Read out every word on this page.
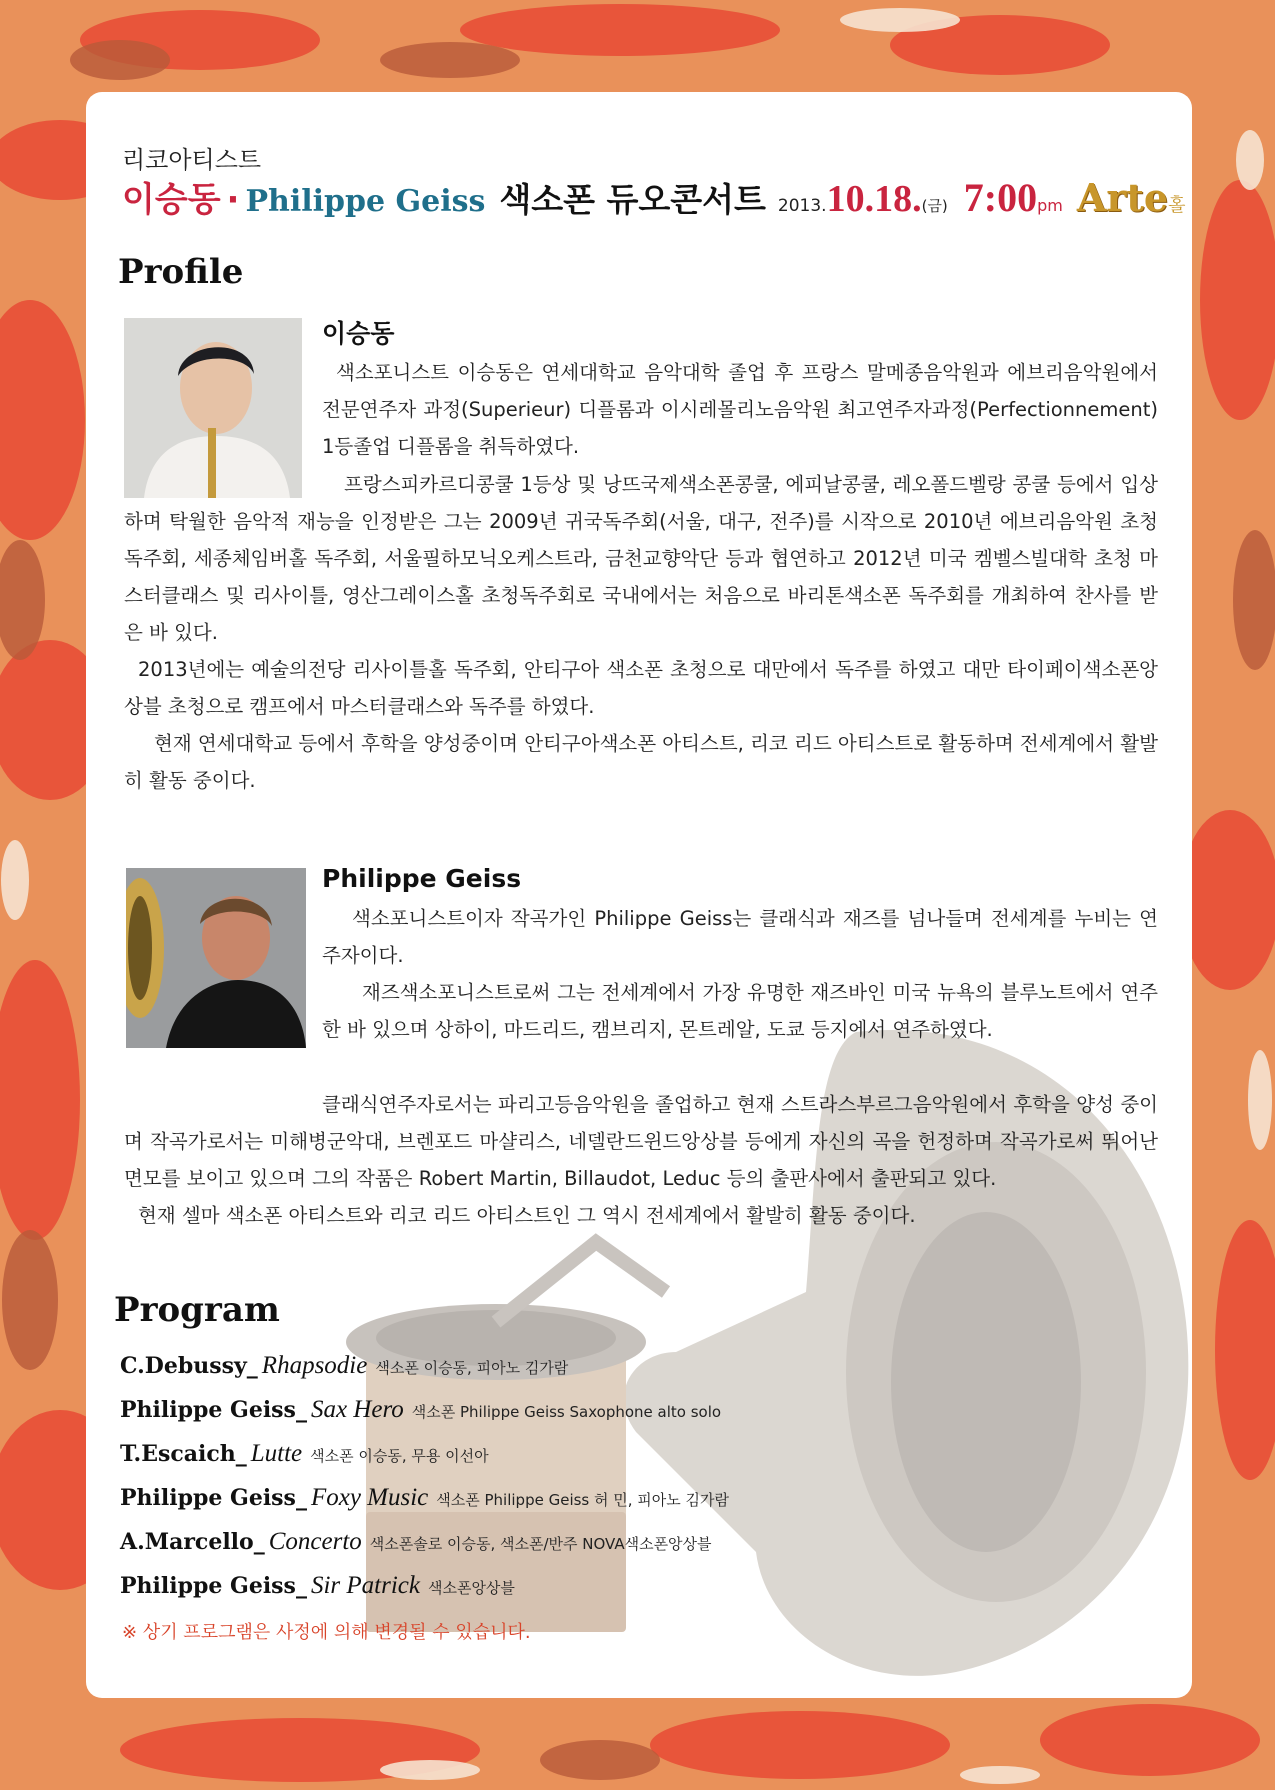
리코아티스트
이승동 · Philippe Geiss 색소폰 듀오콘서트 2013.10.18.(금) 7:00pm Arte홀
Profile
이승동

색소포니스트 이승동은 연세대학교 음악대학 졸업 후 프랑스 말메종음악원과 에브리음악원에서 전문연주자 과정(Superieur) 디플롬과 이시레몰리노음악원 최고연주자과정(Perfectionnement) 1등졸업 디플롬을 취득하였다.

프랑스피카르디콩쿨 1등상 및 낭뜨국제색소폰콩쿨, 에피날콩쿨, 레오폴드벨랑 콩쿨 등에서 입상하며 탁월한 음악적 재능을 인정받은 그는 2009년 귀국독주회(서울, 대구, 전주)를 시작으로 2010년 에브리음악원 초청독주회, 세종체임버홀 독주회, 서울필하모닉오케스트라, 금천교향악단 등과 협연하고 2012년 미국 켐벨스빌대학 초청 마스터클래스 및 리사이틀, 영산그레이스홀 초청독주회로 국내에서는 처음으로 바리톤색소폰 독주회를 개최하여 찬사를 받은 바 있다.

2013년에는 예술의전당 리사이틀홀 독주회, 안티구아 색소폰 초청으로 대만에서 독주를 하였고 대만 타이페이색소폰앙상블 초청으로 캠프에서 마스터클래스와 독주를 하였다.

현재 연세대학교 등에서 후학을 양성중이며 안티구아색소폰 아티스트, 리코 리드 아티스트로 활동하며 전세계에서 활발히 활동 중이다.

Philippe Geiss

색소포니스트이자 작곡가인 Philippe Geiss는 클래식과 재즈를 넘나들며 전세계를 누비는 연주자이다.

재즈색소포니스트로써 그는 전세계에서 가장 유명한 재즈바인 미국 뉴욕의 블루노트에서 연주한 바 있으며 상하이, 마드리드, 캠브리지, 몬트레알, 도쿄 등지에서 연주하였다.

클래식연주자로서는 파리고등음악원을 졸업하고 현재 스트라스부르그음악원에서 후학을 양성 중이며 작곡가로서는 미해병군악대, 브렌포드 마샬리스, 네델란드윈드앙상블 등에게 자신의 곡을 헌정하며 작곡가로써 뛰어난 면모를 보이고 있으며 그의 작품은 Robert Martin, Billaudot, Leduc 등의 출판사에서 출판되고 있다.

현재 셀마 색소폰 아티스트와 리코 리드 아티스트인 그 역시 전세계에서 활발히 활동 중이다.

Program
C.Debussy_ Rhapsodie 색소폰 이승동, 피아노 김가람
Philippe Geiss_ Sax Hero 색소폰 Philippe Geiss Saxophone alto solo
T.Escaich_ Lutte 색소폰 이승동, 무용 이선아
Philippe Geiss_ Foxy Music 색소폰 Philippe Geiss 허 민, 피아노 김가람
A.Marcello_ Concerto 색소폰솔로 이승동, 색소폰/반주 NOVA색소폰앙상블
Philippe Geiss_ Sir Patrick 색소폰앙상블
※ 상기 프로그램은 사정에 의해 변경될 수 있습니다.
